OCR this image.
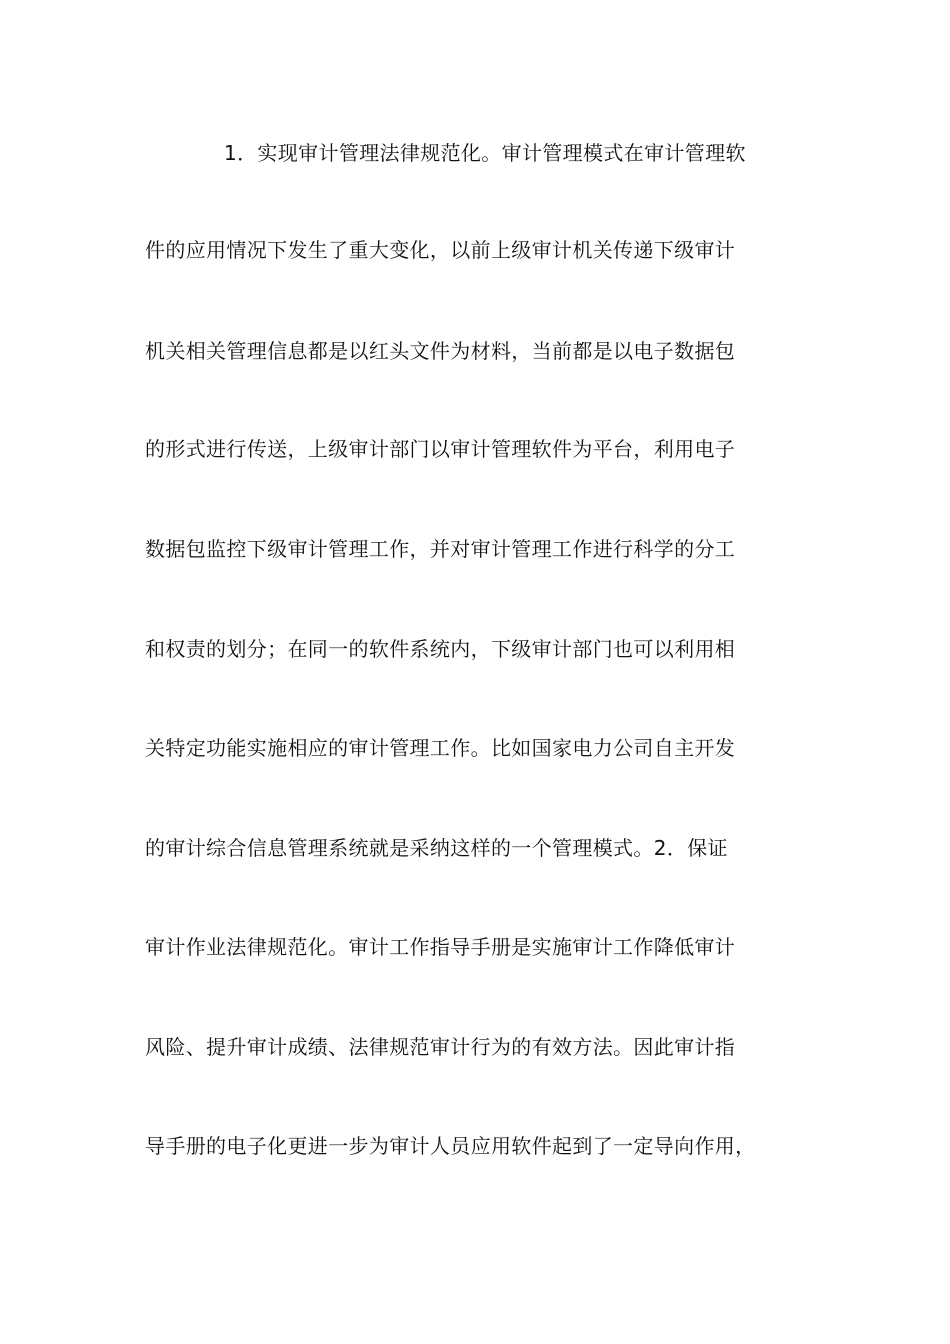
1．实现审计管理法律规范化。审计管理模式在审计管理软
件的应用情况下发生了重大变化，以前上级审计机关传递下级审计
机关相关管理信息都是以红头文件为材料，当前都是以电子数据包
的形式进行传送，上级审计部门以审计管理软件为平台，利用电子
数据包监控下级审计管理工作，并对审计管理工作进行科学的分工
和权责的划分；在同一的软件系统内，下级审计部门也可以利用相
关特定功能实施相应的审计管理工作。比如国家电力公司自主开发
的审计综合信息管理系统就是采纳这样的一个管理模式。2．保证
审计作业法律规范化。审计工作指导手册是实施审计工作降低审计
风险、提升审计成绩、法律规范审计行为的有效方法。因此审计指
导手册的电子化更进一步为审计人员应用软件起到了一定导向作用，
